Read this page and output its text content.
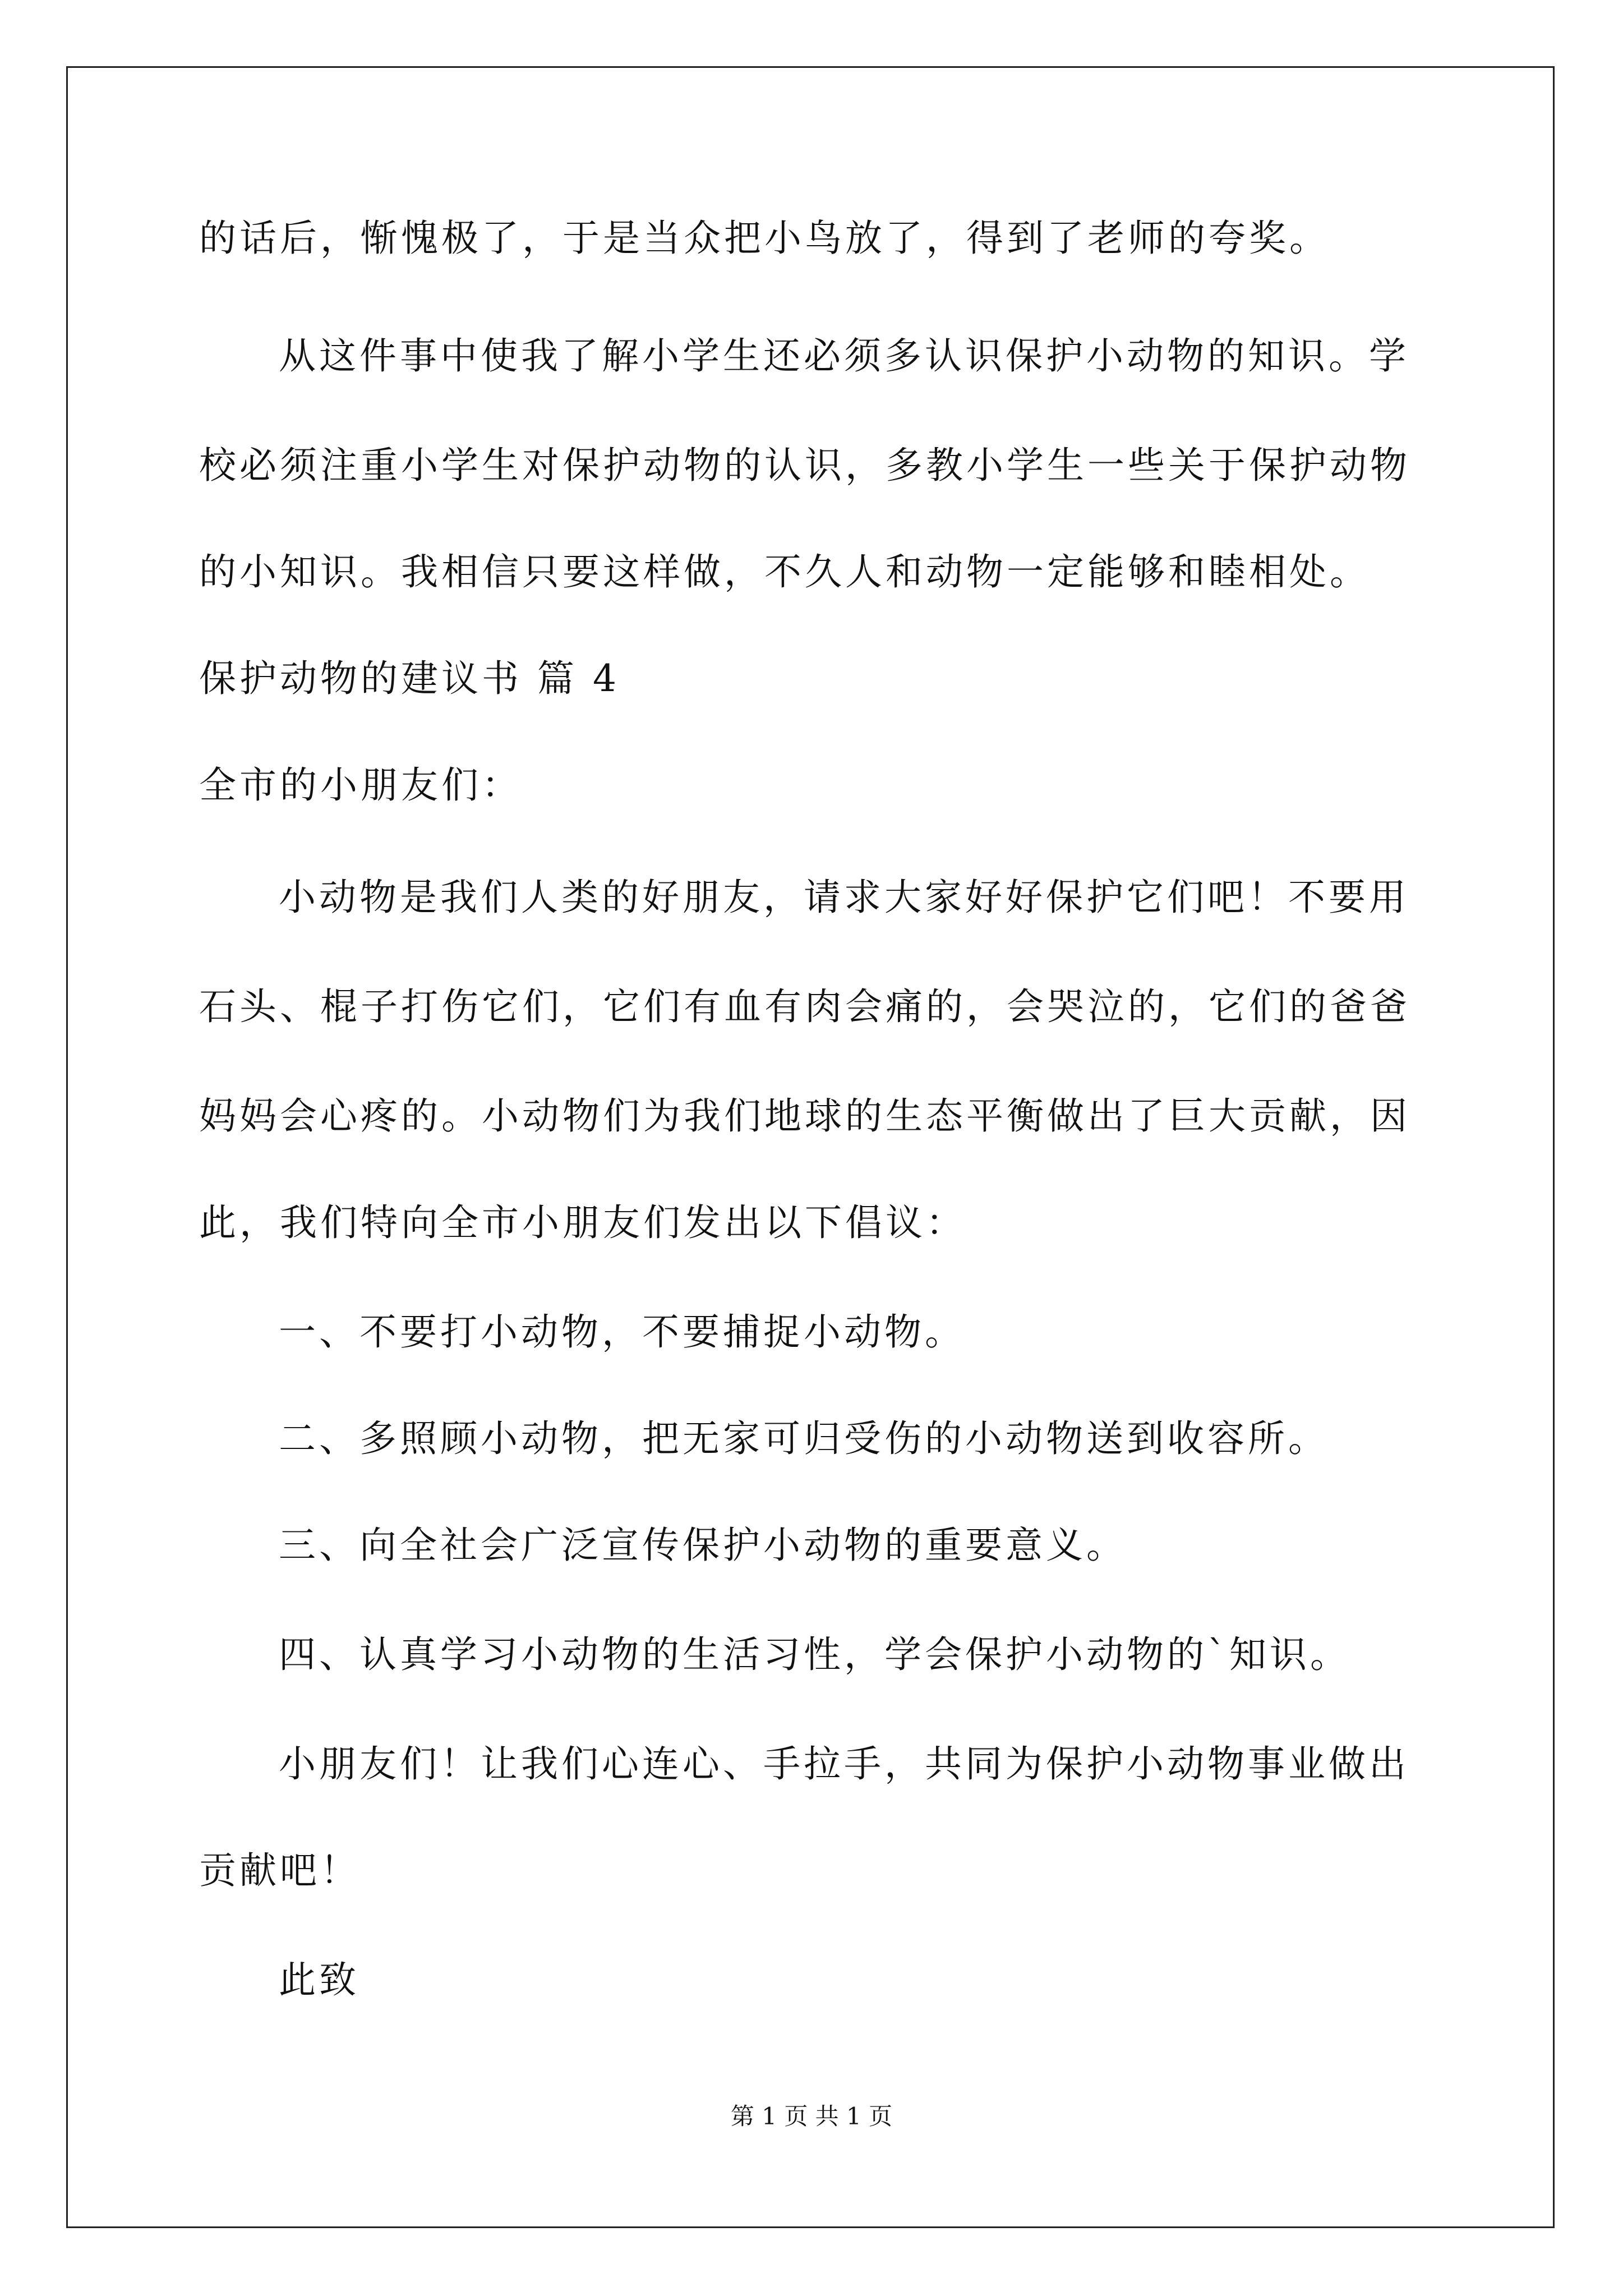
的话后，惭愧极了，于是当众把小鸟放了，得到了老师的夸奖。
从这件事中使我了解小学生还必须多认识保护小动物的知识。学
校必须注重小学生对保护动物的认识，多教小学生一些关于保护动物
的小知识。我相信只要这样做，不久人和动物一定能够和睦相处。
保护动物的建议书 篇 4
全市的小朋友们：
小动物是我们人类的好朋友，请求大家好好保护它们吧！不要用
石头、棍子打伤它们，它们有血有肉会痛的，会哭泣的，它们的爸爸
妈妈会心疼的。小动物们为我们地球的生态平衡做出了巨大贡献，因
此，我们特向全市小朋友们发出以下倡议：
一、不要打小动物，不要捕捉小动物。
二、多照顾小动物，把无家可归受伤的小动物送到收容所。
三、向全社会广泛宣传保护小动物的重要意义。
四、认真学习小动物的生活习性，学会保护小动物的`知识。
小朋友们！让我们心连心、手拉手，共同为保护小动物事业做出
贡献吧！
此致
第 1 页 共 1 页
